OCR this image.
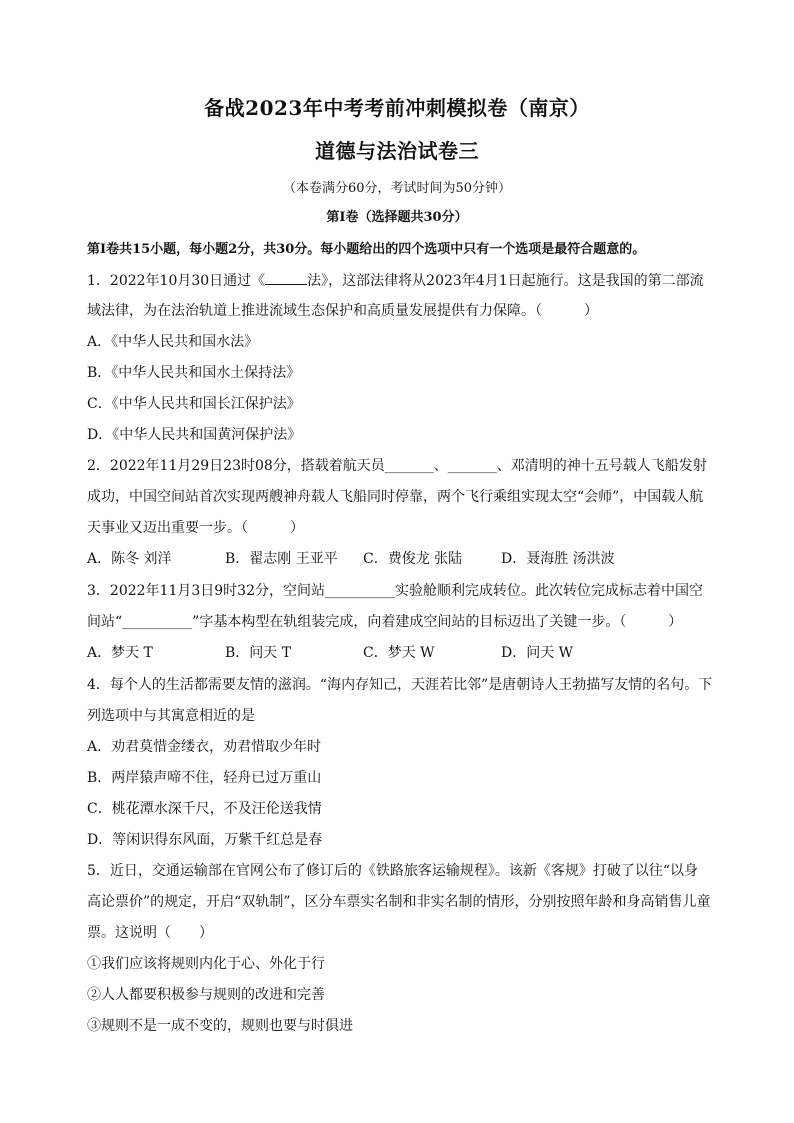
备战2023年中考考前冲刺模拟卷（南京）
道德与法治试卷三
（本卷满分60分，考试时间为50分钟）
第Ⅰ卷（选择题共30分）
第Ⅰ卷共15小题，每小题2分，共30分。每小题给出的四个选项中只有一个选项是最符合题意的。
1．2022年10月30日通过《	法》，这部法律将从2023年4月1日起施行。这是我国的第二部流
域法律，为在法治轨道上推进流域生态保护和高质量发展提供有力保障。（　　　）
A．《中华人民共和国水法》
B．《中华人民共和国水土保持法》
C．《中华人民共和国长江保护法》
D．《中华人民共和国黄河保护法》
2．2022年11月29日23时08分，搭载着航天员_______、_______、邓清明的神十五号载人飞船发射
成功，中国空间站首次实现两艘神舟载人飞船同时停靠，两个飞行乘组实现太空“会师”，中国载人航
天事业又迈出重要一步。（　　　）
A．陈冬 刘洋	B．翟志刚 王亚平 C．费俊龙 张陆	D．聂海胜 汤洪波
3．2022年11月3日9时32分，空间站__________实验舱顺利完成转位。此次转位完成标志着中国空
间站“__________”字基本构型在轨组装完成，向着建成空间站的目标迈出了关键一步。（　　　）
A．梦天 T	B．问天 T	C．梦天 W	D．问天 W
4．每个人的生活都需要友情的滋润。“海内存知己，天涯若比邻”是唐朝诗人王勃描写友情的名句。下
列选项中与其寓意相近的是
A．劝君莫惜金缕衣，劝君惜取少年时
B．两岸猿声啼不住，轻舟已过万重山
C．桃花潭水深千尺，不及汪伦送我情
D．等闲识得东风面，万紫千红总是春
5．近日，交通运输部在官网公布了修订后的《铁路旅客运输规程》。该新《客规》打破了以往“以身
高论票价”的规定，开启“双轨制”，区分车票实名制和非实名制的情形，分别按照年龄和身高销售儿童
票。这说明（　　）
①我们应该将规则内化于心、外化于行
②人人都要积极参与规则的改进和完善
③规则不是一成不变的，规则也要与时俱进
